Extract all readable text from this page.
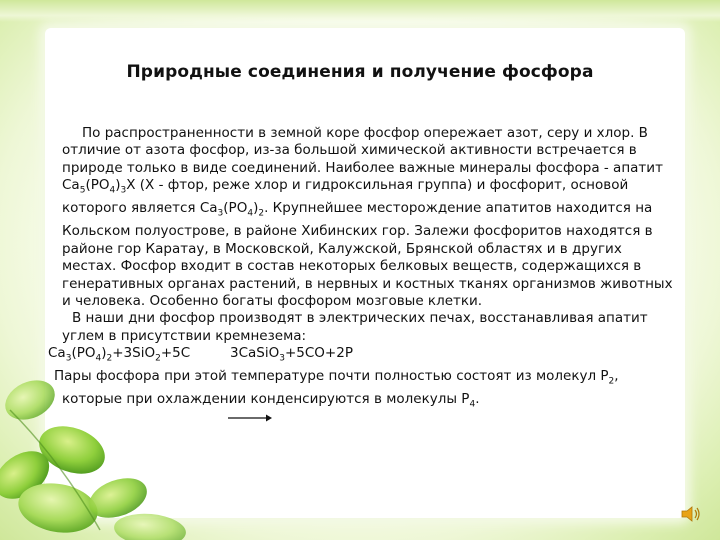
Природные соединения и получение фосфора

По распространенности в земной коре фосфор опережает азот, серу и хлор. В отличие от азота фосфор, из-за большой химической активности встречается в природе только в виде соединений. Наиболее важные минералы фосфора - апатит $Ca_5(PO_4)_3X$ (X - фтор, реже хлор и гидроксильная группа) и фосфорит, основой которого является $Ca_3(PO_4)_2$. Крупнейшее месторождение апатитов находится на Кольском полуострове, в районе Хибинских гор. Залежи фосфоритов находятся в районе гор Каратау, в Московской, Калужской, Брянской областях и в других местах. Фосфор входит в состав некоторых белковых веществ, содержащихся в генеративных органах растений, в нервных и костных тканях организмов животных и человека. Особенно богаты фосфором мозговые клетки.

В наши дни фосфор производят в электрических печах, восстанавливая апатит углем в присутствии кремнезема:

$Ca_3(PO_4)_2+3SiO_2+5C$	3CaSiO$_3$+5CO+2P

Пары фосфора при этой температуре почти полностью состоят из молекул $P_2$, которые при охлаждении конденсируются в молекулы $P_4$.
